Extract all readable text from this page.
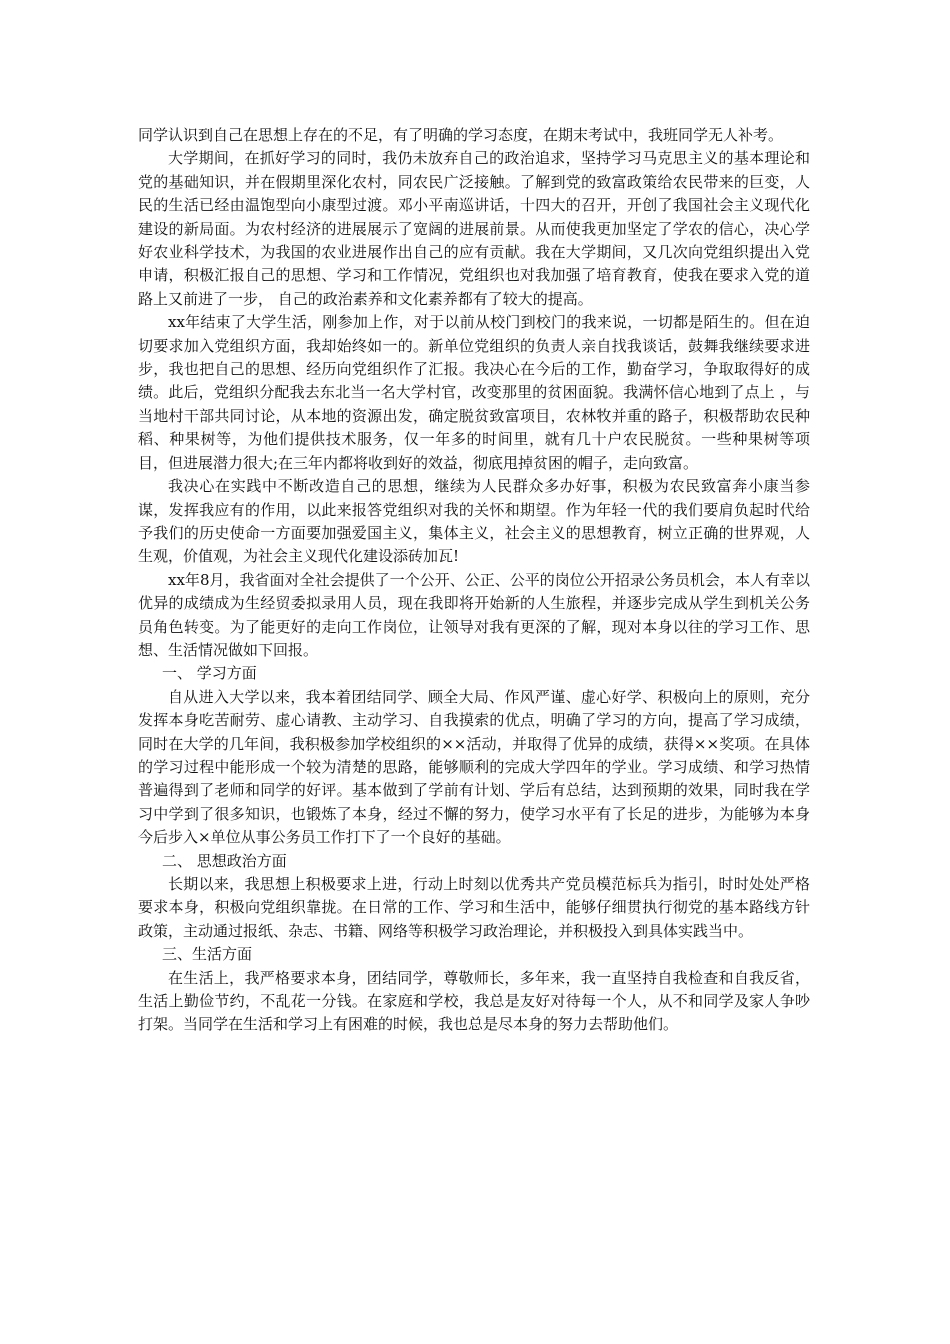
同学认识到自己在思想上存在的不足，有了明确的学习态度，在期末考试中，我班同学无人补考。

大学期间，在抓好学习的同时，我仍未放弃自己的政治追求，坚持学习马克思主义的基本理论和党的基础知识，并在假期里深化农村，同农民广泛接触。了解到党的致富政策给农民带来的巨变，人民的生活已经由温饱型向小康型过渡。邓小平南巡讲话，十四大的召开，开创了我国社会主义现代化建设的新局面。为农村经济的进展展示了宽阔的进展前景。从而使我更加坚定了学农的信心，决心学好农业科学技术，为我国的农业进展作出自己的应有贡献。我在大学期间，又几次向党组织提出入党申请，积极汇报自己的思想、学习和工作情况，党组织也对我加强了培育教育，使我在要求入党的道路上又前进了一步， 自己的政治素养和文化素养都有了较大的提高。

xx年结束了大学生活，刚参加上作，对于以前从校门到校门的我来说，一切都是陌生的。但在迫切要求加入党组织方面，我却始终如一的。新单位党组织的负责人亲自找我谈话，鼓舞我继续要求进步，我也把自己的思想、经历向党组织作了汇报。我决心在今后的工作，勤奋学习，争取取得好的成绩。此后，党组织分配我去东北当一名大学村官，改变那里的贫困面貌。我满怀信心地到了点上 ，与当地村干部共同讨论，从本地的资源出发，确定脱贫致富项目，农林牧并重的路子，积极帮助农民种稻、种果树等，为他们提供技术服务，仅一年多的时间里，就有几十户农民脱贫。一些种果树等项目，但进展潜力很大;在三年内都将收到好的效益，彻底甩掉贫困的帽子，走向致富。

我决心在实践中不断改造自己的思想，继续为人民群众多办好事，积极为农民致富奔小康当参谋，发挥我应有的作用，以此来报答党组织对我的关怀和期望。作为年轻一代的我们要肩负起时代给予我们的历史使命一方面要加强爱国主义，集体主义，社会主义的思想教育，树立正确的世界观，人生观，价值观，为社会主义现代化建设添砖加瓦!

xx年8月，我省面对全社会提供了一个公开、公正、公平的岗位公开招录公务员机会，本人有幸以优异的成绩成为生经贸委拟录用人员，现在我即将开始新的人生旅程，并逐步完成从学生到机关公务员角色转变。为了能更好的走向工作岗位，让领导对我有更深的了解，现对本身以往的学习工作、思想、生活情况做如下回报。

一、 学习方面

自从进入大学以来，我本着团结同学、顾全大局、作风严谨、虚心好学、积极向上的原则，充分发挥本身吃苦耐劳、虚心请教、主动学习、自我摸索的优点，明确了学习的方向，提高了学习成绩，同时在大学的几年间，我积极参加学校组织的××活动，并取得了优异的成绩，获得××奖项。在具体的学习过程中能形成一个较为清楚的思路，能够顺利的完成大学四年的学业。学习成绩、和学习热情普遍得到了老师和同学的好评。基本做到了学前有计划、学后有总结，达到预期的效果，同时我在学习中学到了很多知识，也锻炼了本身，经过不懈的努力，使学习水平有了长足的进步，为能够为本身今后步入×单位从事公务员工作打下了一个良好的基础。

二、 思想政治方面

长期以来，我思想上积极要求上进，行动上时刻以优秀共产党员模范标兵为指引，时时处处严格要求本身，积极向党组织靠拢。在日常的工作、学习和生活中，能够仔细贯执行彻党的基本路线方针政策，主动通过报纸、杂志、书籍、网络等积极学习政治理论，并积极投入到具体实践当中。

三、生活方面

在生活上，我严格要求本身，团结同学，尊敬师长，多年来，我一直坚持自我检查和自我反省，生活上勤俭节约，不乱花一分钱。在家庭和学校，我总是友好对待每一个人，从不和同学及家人争吵打架。当同学在生活和学习上有困难的时候，我也总是尽本身的努力去帮助他们。
